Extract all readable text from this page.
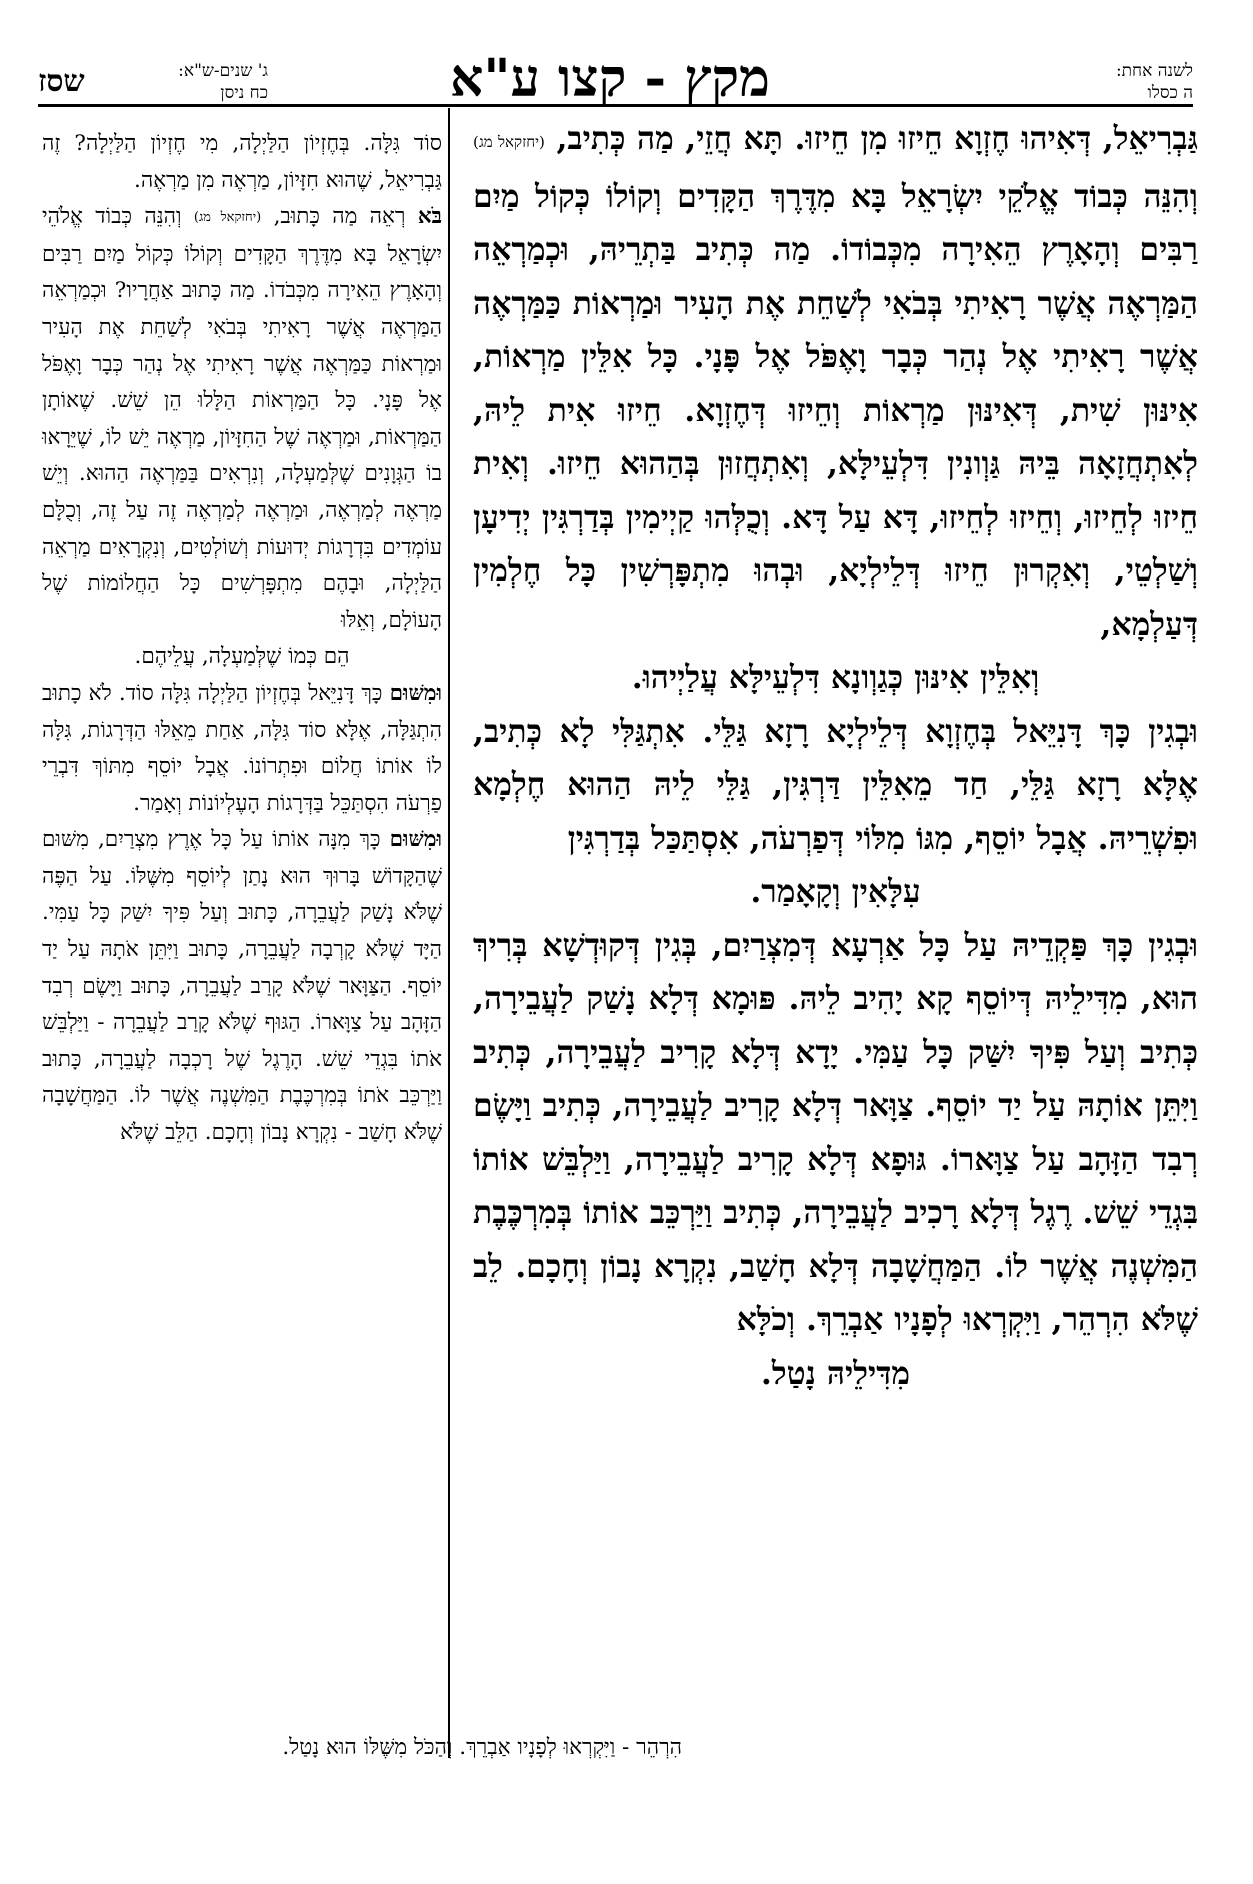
לשנה אחת:
ה כסלו
מקץ - קצו ע"א
ג' שנים-ש"א:
כח ניסן
שסז

גַּבְרִיאֵל, דְּאִיהוּ חֶזְוָא חֵיזוּ מִן חֵיזוּ. תָּא חֲזֵי, מַה כְּתִיב, (יחזקאל מג) וְהִנֵּה כְּבוֹד אֱלֹקֵי יִשְׂרָאֵל בָּא מִדֶּרֶךְ הַקָּדִים וְקוֹלוֹ כְּקוֹל מַיִם רַבִּים וְהָאָרֶץ הֵאִירָה מִכְּבוֹדוֹ. מַה כְּתִיב בַּתְרֵיהּ, וּכְמַרְאֵה הַמַּרְאֶה אֲשֶׁר רָאִיתִי בְּבֹאִי לְשַׁחֵת אֶת הָעִיר וּמַרְאוֹת כַּמַּרְאֶה אֲשֶׁר רָאִיתִי אֶל נְהַר כְּבָר וָאֶפֹּל אֶל פָּנָי. כָּל אִלֵּין מַרְאוֹת, אִינּוּן שִׁית, דְּאִינּוּן מַרְאוֹת וְחֵיזוּ דְּחֶזְוָא. חֵיזוּ אִית לֵיהּ, לְאִתְחֲזָאָה בֵּיהּ גַּוְונִין דִּלְעֵילָּא, וְאִתְחֲזוּן בְּהַהוּא חֵיזוּ. וְאִית חֵיזוּ לְחֵיזוּ, וְחֵיזוּ לְחֵיזוּ, דָּא עַל דָּא. וְכֻלְּהוּ קַיְימִין בְּדַרְגִּין יְדִיעָן וְשַׁלְטֵי, וְאִקְרוּן חֵיזוּ דְּלֵילְיָא, וּבְהוּ מִתְפָּרְשִׁין כָּל חֶלְמִין דְּעַלְמָא,

וְאִלֵּין אִינּוּן כְּגַוְונָא דִּלְעֵילָּא עֲלַיְיהוּ.

וּבְגִין כָּךְ דָּנִיֵּאל בְּחֶזְוָא דְּלֵילְיָא רָזָא גַּלֵּי. אִתְגַּלִּי לָא כְּתִיב, אֶלָּא רָזָא גַּלֵּי, חַד מֵאִלֵּין דַּרְגִּין, גַּלֵּי לֵיהּ הַהוּא חֶלְמָא וּפִשְׁרֵיהּ. אֲבָל יוֹסֵף, מִגּוֹ מִלּוֹי דְּפַרְעֹה, אִסְתַּכַּל בְּדַרְגִּין

עִלָּאִין וְקָאָמַר.

וּבְגִין כָּךְ פַּקְדֵיהּ עַל כָּל אַרְעָא דְּמִצְרַיִם, בְּגִין דְּקוּדְשָׁא בְּרִיךְ הוּא, מִדִּילֵיהּ דְּיוֹסֵף קָא יָהִיב לֵיהּ. פּוּמָא דְּלָא נָשַׁק לַעֲבֵירָה, כְּתִיב וְעַל פִּיךָ יִשַּׁק כָּל עַמִּי. יָדָא דְּלָא קָרִיב לַעֲבֵירָה, כְּתִיב וַיִּתֵּן אוֹתָהּ עַל יַד יוֹסֵף. צַוָּאר דְּלָא קָרִיב לַעֲבֵירָה, כְּתִיב וַיָּשֶׂם רְבִד הַזָּהָב עַל צַוָּארוֹ. גּוּפָא דְּלָא קָרִיב לַעֲבֵירָה, וַיַּלְבֵּשׁ אוֹתוֹ בִּגְדֵי שֵׁשׁ. רֶגֶל דְּלָא רָכִיב לַעֲבֵירָה, כְּתִיב וַיַּרְכֵּב אוֹתוֹ בְּמִרְכֶּבֶת הַמִּשְׁנֶה אֲשֶׁר לוֹ. הַמַּחֲשָׁבָה דְּלָא חָשַׁב, נִקְרָא נָבוֹן וְחָכָם. לֵב שֶׁלֹּא הִרְהֵר, וַיִּקְרְאוּ לְפָנָיו אַבְרֵךְ. וְכֹלָּא

מִדִּילֵיהּ נָטַל.

סוֹד גִּלָּה. בְּחֶזְיוֹן הַלַּיְלָה, מִי חֶזְיוֹן הַלַּיְלָה? זֶה גַּבְרִיאֵל, שֶׁהוּא חִזָּיוֹן, מַרְאֶה מִן מַרְאֶה.

בֹּא רְאֵה מַה כָּתוּב, (יחזקאל מג) וְהִנֵּה כְּבוֹד אֱלֹהֵי יִשְׂרָאֵל בָּא מִדֶּרֶךְ הַקָּדִים וְקוֹלוֹ כְּקוֹל מַיִם רַבִּים וְהָאָרֶץ הֵאִירָה מִכְּבֹדוֹ. מַה כָּתוּב אַחֲרָיו? וּכְמַרְאֵה הַמַּרְאֶה אֲשֶׁר רָאִיתִי בְּבֹאִי לְשַׁחֵת אֶת הָעִיר וּמַרְאוֹת כַּמַּרְאֶה אֲשֶׁר רָאִיתִי אֶל נְהַר כְּבָר וָאֶפֹּל אֶל פָּנָי. כָּל הַמַּרְאוֹת הַלָּלוּ הֵן שֵׁשׁ. שֶׁאוֹתָן הַמַּרְאוֹת, וּמַרְאֶה שֶׁל הַחִזָּיוֹן, מַרְאֶה יֵשׁ לוֹ, שֶׁיֵּרָאוּ בוֹ הַגְּוָנִים שֶׁלְּמַעְלָה, וְנִרְאִים בַּמַּרְאֶה הַהוּא. וְיֵשׁ מַרְאֶה לְמַרְאֶה, וּמַרְאֶה לְמַרְאֶה זֶה עַל זֶה, וְכֻלָּם עוֹמְדִים בִּדְרָגוֹת יְדוּעוֹת וְשׁוֹלְטִים, וְנִקְרָאִים מַרְאֵה הַלַּיְלָה, וּבָהֶם מִתְפָּרְשִׁים כָּל הַחֲלוֹמוֹת שֶׁל הָעוֹלָם, וְאֵלּוּ

הֵם כְּמוֹ שֶׁלְּמַעְלָה, עֲלֵיהֶם.

וּמִשּׁוּם כָּךְ דָּנִיֵּאל בְּחֶזְיוֹן הַלַּיְלָה גִּלָּה סוֹד. לֹא כָתוּב הִתְגַּלָּה, אֶלָּא סוֹד גִּלָּה, אַחַת מֵאֵלּוּ הַדְּרָגוֹת, גִּלָּה לוֹ אוֹתוֹ חֲלוֹם וּפִתְרוֹנוֹ. אֲבָל יוֹסֵף מִתּוֹךְ דִּבְרֵי פַרְעֹה הִסְתַּכֵּל בַּדְּרָגוֹת הָעֶלְיוֹנוֹת וְאָמַר.

וּמִשּׁוּם כָּךְ מִנָּה אוֹתוֹ עַל כָּל אֶרֶץ מִצְרַיִם, מִשּׁוּם שֶׁהַקָּדוֹשׁ בָּרוּךְ הוּא נָתַן לְיוֹסֵף מִשֶּׁלּוֹ. עַל הַפֶּה שֶׁלֹּא נָשַׁק לַעֲבֵרָה, כָּתוּב וְעַל פִּיךָ יִשַּׁק כָּל עַמִּי. הַיָּד שֶׁלֹּא קָרְבָה לַעֲבֵרָה, כָּתוּב וַיִּתֵּן אֹתָהּ עַל יַד יוֹסֵף. הַצַּוָּאר שֶׁלֹּא קָרַב לַעֲבֵרָה, כָּתוּב וַיָּשֶׂם רְבִד הַזָּהָב עַל צַוָּארוֹ. הַגּוּף שֶׁלֹּא קָרַב לַעֲבֵרָה - וַיַּלְבֵּשׁ אֹתוֹ בִּגְדֵי שֵׁשׁ. הָרֶגֶל שֶׁל רָכְבָה לַעֲבֵרָה, כָּתוּב וַיַּרְכֵּב אֹתוֹ בְּמִרְכֶּבֶת הַמִּשְׁנֶה אֲשֶׁר לוֹ. הַמַּחֲשָׁבָה שֶׁלֹּא חָשַׁב - נִקְרָא נָבוֹן וְחָכָם. הַלֵּב שֶׁלֹּא

הִרְהֵר - וַיִּקְרְאוּ לְפָנָיו אַבְרֵךְ. וְהַכֹּל מִשֶּׁלּוֹ הוּא נָטַל.
